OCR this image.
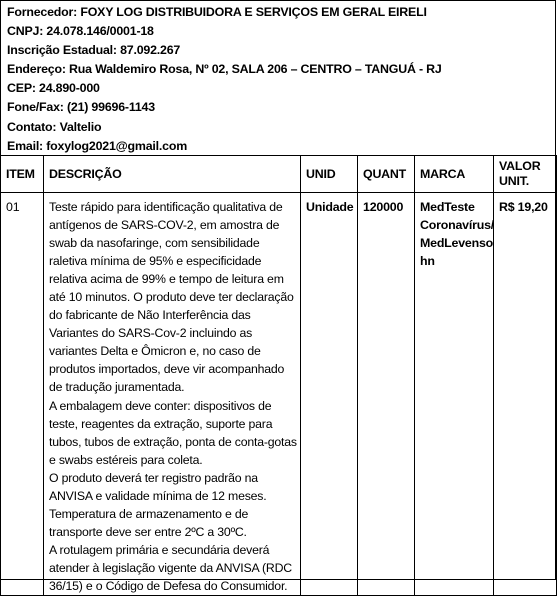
Fornecedor: FOXY LOG DISTRIBUIDORA E SERVIÇOS EM GERAL EIRELI
CNPJ: 24.078.146/0001-18
Inscrição Estadual: 87.092.267
Endereço: Rua Waldemiro Rosa, Nº 02, SALA 206 – CENTRO – TANGUÁ - RJ
CEP: 24.890-000
Fone/Fax: (21) 99696-1143
Contato: Valtelio
Email: foxylog2021@gmail.com
ITEM	DESCRIÇÃO	UNID	QUANT	MARCA	VALOR
UNIT.
01	Teste rápido para identificação qualitativa de antígenos de SARS-COV-2, em amostra de swab da nasofaringe, com sensibilidade raletiva mínima de 95% e especificidade relativa acima de 99% e tempo de leitura em até 10 minutos. O produto deve ter declaração do fabricante de Não Interferência das Variantes do SARS-Cov-2 incluindo as variantes Delta e Ômicron e, no caso de produtos importados, deve vir acompanhado de tradução juramentada.

A embalagem deve conter: dispositivos de teste, reagentes da extração, suporte para tubos, tubos de extração, ponta de conta-gotas e swabs estéreis para coleta.

O produto deverá ter registro padrão na ANVISA e validade mínima de 12 meses.

Temperatura de armazenamento e de transporte deve ser entre 2ºC a 30ºC.

A rotulagem primária e secundária deverá atender à legislação vigente da ANVISA (RDC 36/15) e o Código de Defesa do Consumidor.	Unidade	120000	MedTeste Coronavírus/ MedLevenso hn	R$ 19,20
